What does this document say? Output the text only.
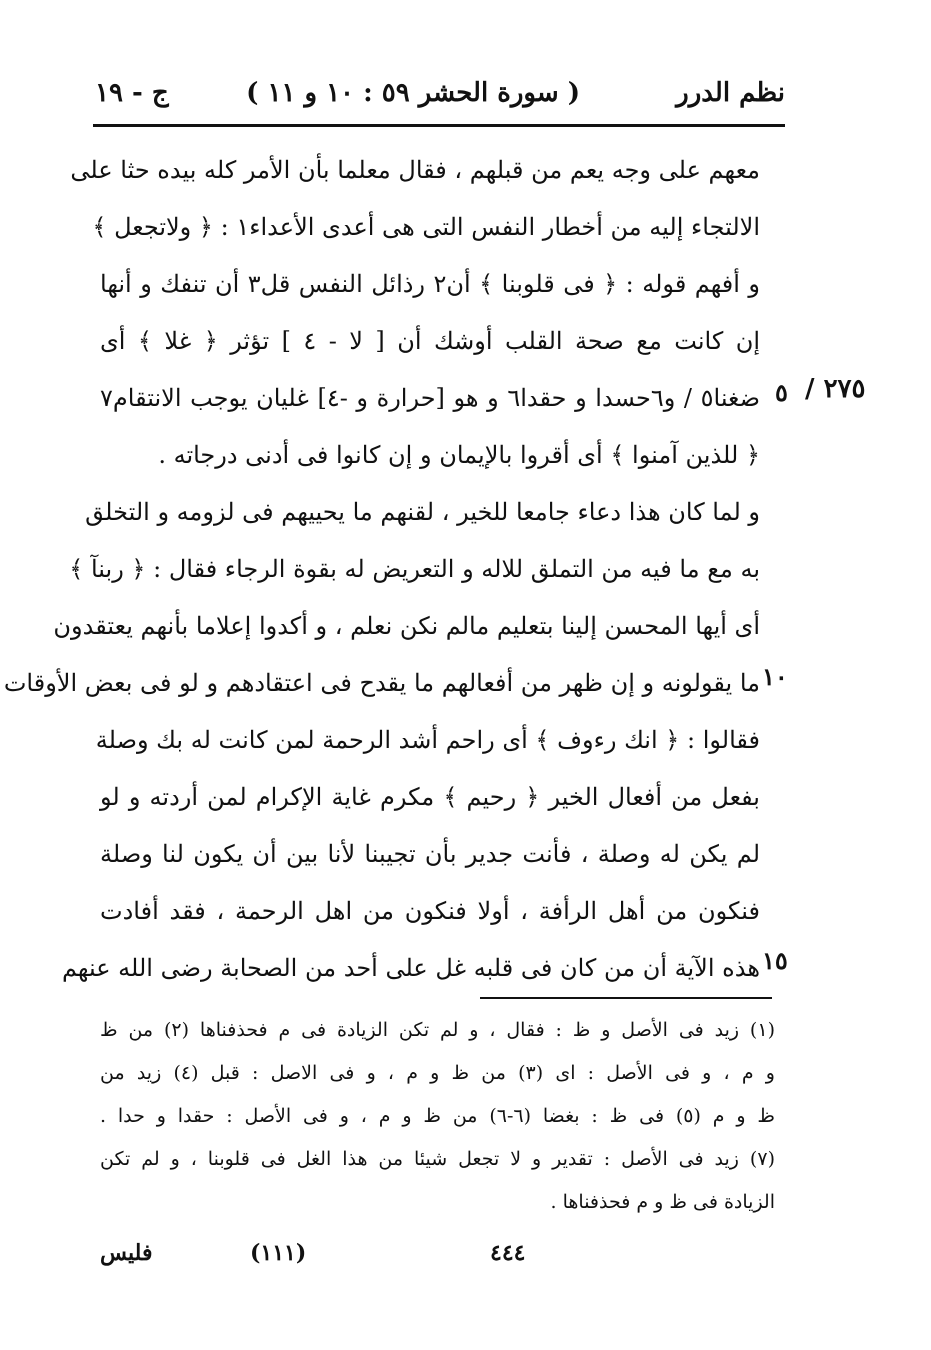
نظم الدرر
( سورة الحشر ٥٩ : ١٠ و ١١ )
ج - ١٩
٢٧٥ /
٥
١٠
١٥
معهم على وجه يعم من قبلهم ، فقال معلما بأن الأمر كله بيده حثا على
الالتجاء إليه من أخطار النفس التى هى أعدى الأعداء١ : ﴿ ولاتجعل ﴾
و أفهم قوله : ﴿ فى قلوبنا ﴾ أن٢ رذائل النفس قل٣ أن تنفك و أنها
إن كانت مع صحة القلب أوشك أن [ لا - ٤ ] تؤثر ﴿ غلا ﴾ أى
ضغنا٥ / و٦حسدا و حقدا٦ و هو [حرارة و -٤] غليان يوجب الانتقام٧
﴿ للذين آمنوا ﴾ أى أقروا بالإيمان و إن كانوا فى أدنى درجاته .
و لما كان هذا دعاء جامعا للخير ، لقنهم ما يحييهم فى لزومه و التخلق
به مع ما فيه من التملق للاله و التعريض له بقوة الرجاء فقال : ﴿ ربنآ ﴾
أى أيها المحسن إلينا بتعليم مالم نكن نعلم ، و أكدوا إعلاما بأنهم يعتقدون
ما يقولونه و إن ظهر من أفعالهم ما يقدح فى اعتقادهم و لو فى بعض الأوقات
فقالوا : ﴿ انك رءوف ﴾ أى راحم أشد الرحمة لمن كانت له بك وصلة
بفعل من أفعال الخير ﴿ رحيم ﴾ مكرم غاية الإكرام لمن أردته و لو
لم يكن له وصلة ، فأنت جدير بأن تجيبنا لأنا بين أن يكون لنا وصلة
فنكون من أهل الرأفة ، أولا فنكون من اهل الرحمة ، فقد أفادت
هذه الآية أن من كان فى قلبه غل على أحد من الصحابة رضى الله عنهم
(١) زيد فى الأصل و ظ : فقال ، و لم تكن الزيادة فى م فحذفناها (٢) من ظ
و م ، و فى الأصل : اى (٣) من ظ و م ، و فى الاصل : قبل (٤) زيد من
ظ و م (٥) فى ظ : بغضا (٦-٦) من ظ و م ، و فى الأصل : حقدا و حدا .
(٧) زيد فى الأصل : تقدير و لا تجعل شيئا من هذا الغل فى قلوبنا ، و لم تكن
الزيادة فى ظ و م فحذفناها .
٤٤٤
(١١١)
فليس
